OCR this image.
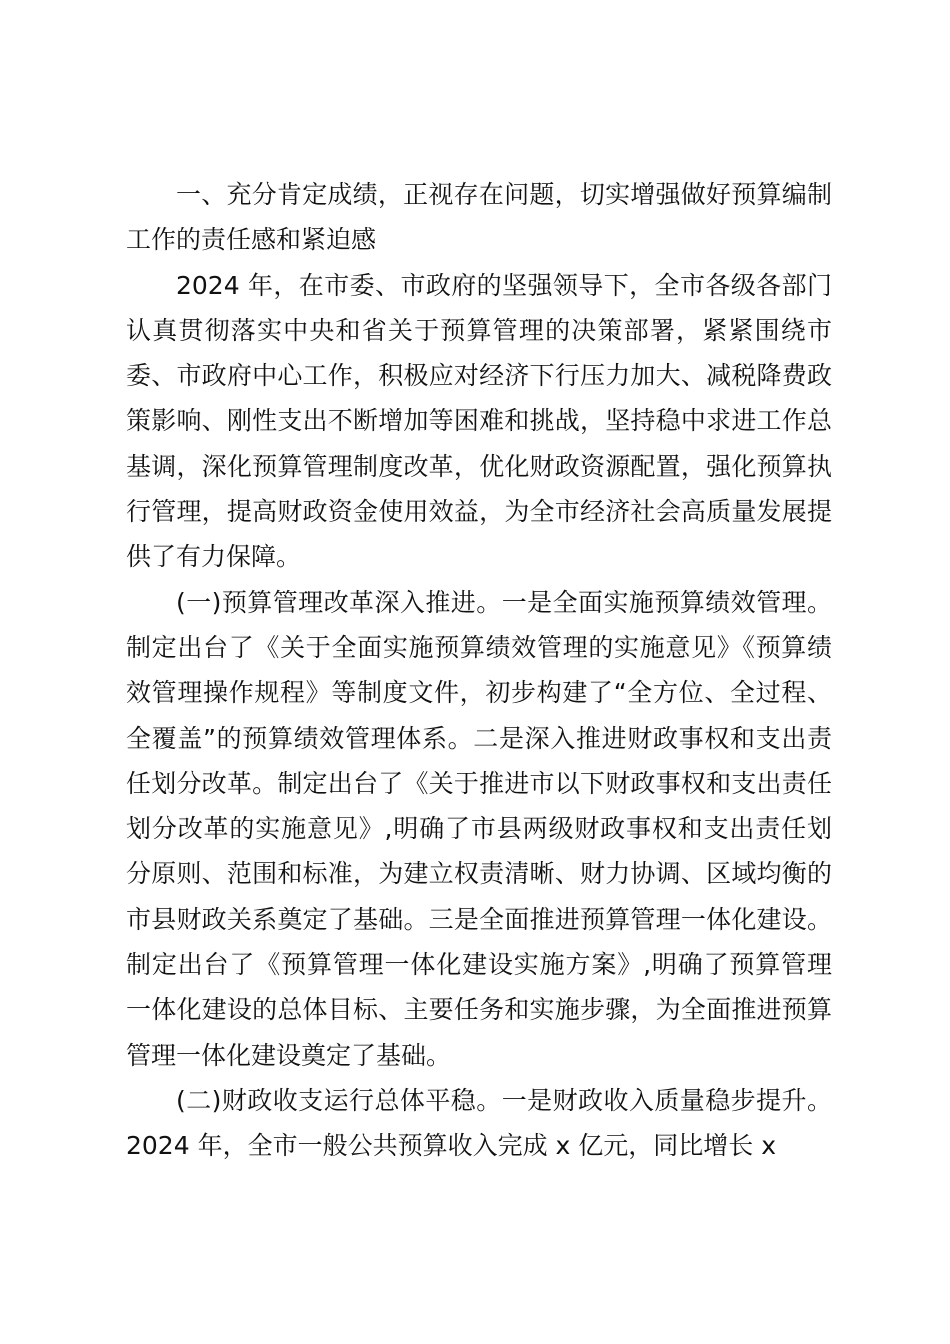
一、充分肯定成绩，正视存在问题，切实增强做好预算编制工作的责任感和紧迫感

2024 年，在市委、市政府的坚强领导下，全市各级各部门认真贯彻落实中央和省关于预算管理的决策部署，紧紧围绕市委、市政府中心工作，积极应对经济下行压力加大、减税降费政策影响、刚性支出不断增加等困难和挑战，坚持稳中求进工作总基调，深化预算管理制度改革，优化财政资源配置，强化预算执行管理，提高财政资金使用效益，为全市经济社会高质量发展提供了有力保障。

(一)预算管理改革深入推进。一是全面实施预算绩效管理。制定出台了《关于全面实施预算绩效管理的实施意见》《预算绩效管理操作规程》等制度文件，初步构建了“全方位、全过程、全覆盖”的预算绩效管理体系。二是深入推进财政事权和支出责任划分改革。制定出台了《关于推进市以下财政事权和支出责任划分改革的实施意见》,明确了市县两级财政事权和支出责任划分原则、范围和标准，为建立权责清晰、财力协调、区域均衡的市县财政关系奠定了基础。三是全面推进预算管理一体化建设。制定出台了《预算管理一体化建设实施方案》,明确了预算管理一体化建设的总体目标、主要任务和实施步骤，为全面推进预算管理一体化建设奠定了基础。

(二)财政收支运行总体平稳。一是财政收入质量稳步提升。2024 年，全市一般公共预算收入完成 x 亿元，同比增长 x
